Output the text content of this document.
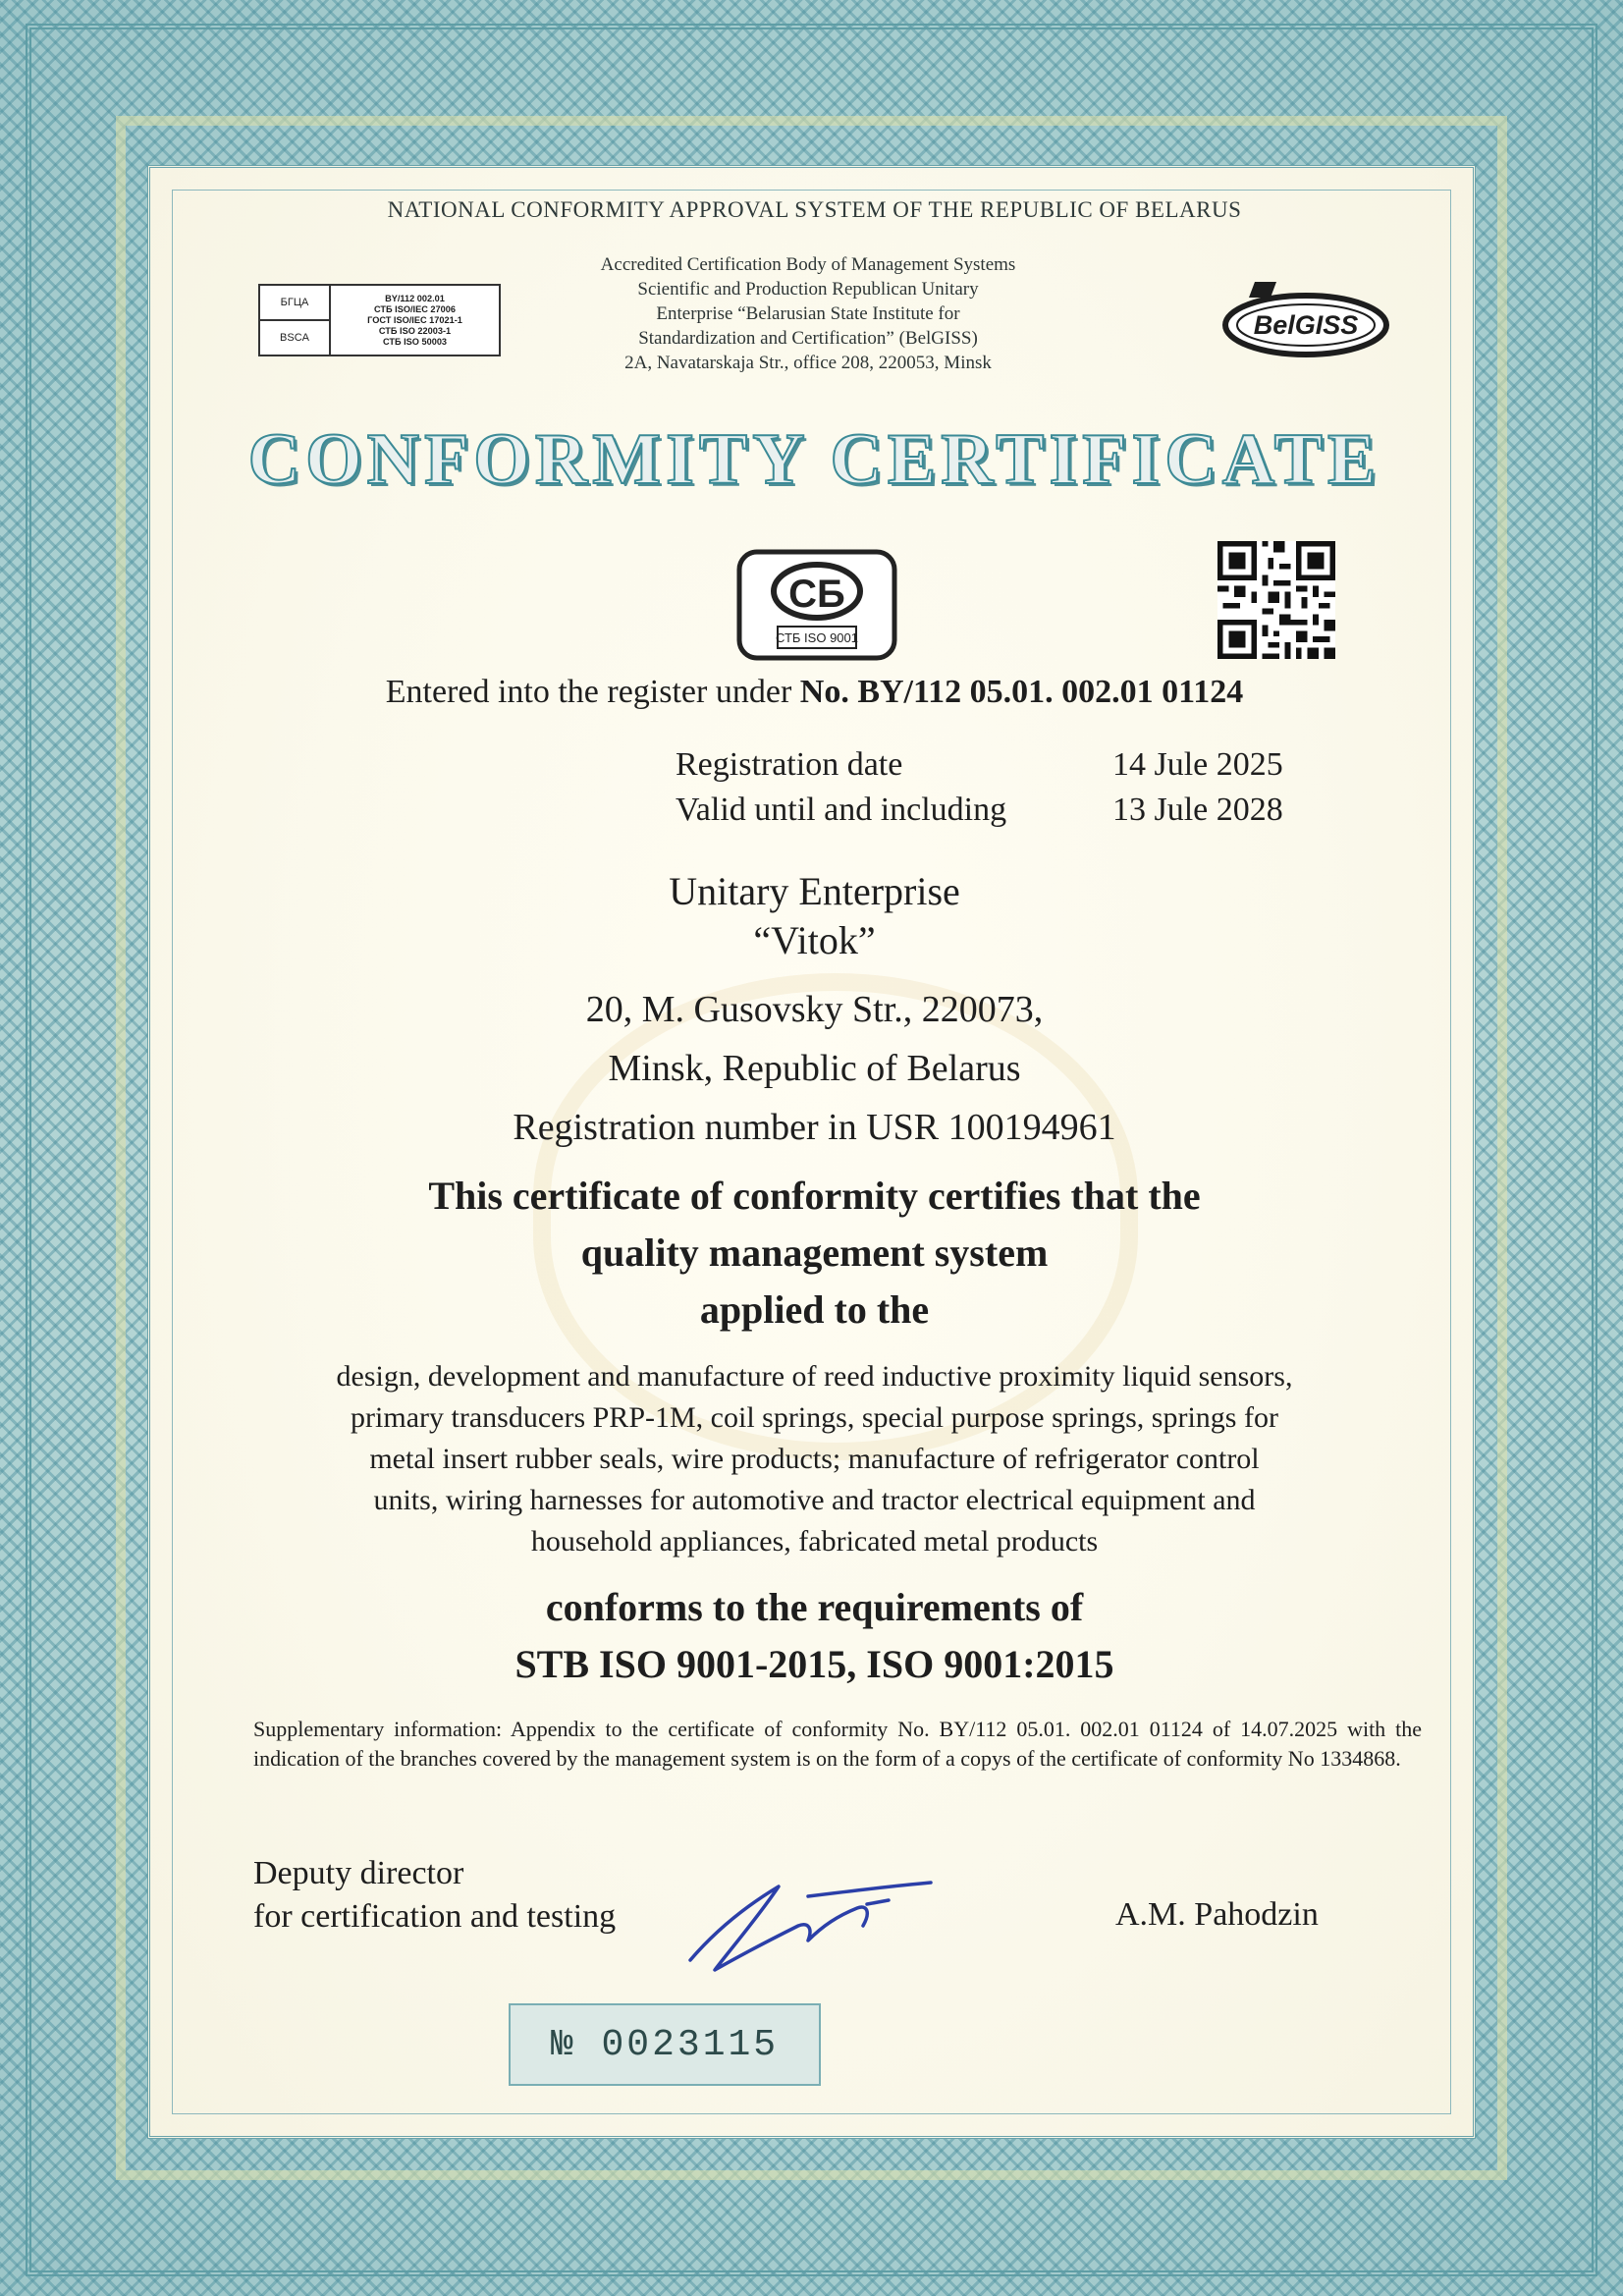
NATIONAL CONFORMITY APPROVAL SYSTEM OF THE REPUBLIC OF BELARUS
БГЦА
BSCA
BY/112 002.01
СТБ ISO/IEC 27006
ГОСТ ISO/IEC 17021-1
СТБ ISO 22003-1
СТБ ISO 50003
Accredited Certification Body of Management Systems
Scientific and Production Republican Unitary
Enterprise “Belarusian State Institute for
Standardization and Certification” (BelGISS)
2A, Navatarskaja Str., office 208, 220053, Minsk
BelGISS
CONFORMITY CERTIFICATE
СБ
СТБ ISO 9001
Entered into the register under No. BY/112 05.01. 002.01 01124
Registration date	14 Jule 2025
Valid until and including	13 Jule 2028
Unitary Enterprise
“Vitok”
20, M. Gusovsky Str., 220073,
Minsk, Republic of Belarus
Registration number in USR 100194961
This certificate of conformity certifies that the
quality management system
applied to the
design, development and manufacture of reed inductive proximity liquid sensors,
primary transducers PRP-1M, coil springs, special purpose springs, springs for
metal insert rubber seals, wire products; manufacture of refrigerator control
units, wiring harnesses for automotive and tractor electrical equipment and
household appliances, fabricated metal products
conforms to the requirements of
STB ISO 9001-2015, ISO 9001:2015
Supplementary information: Appendix to the certificate of conformity No. BY/112 05.01. 002.01 01124 of 14.07.2025 with the indication of the branches covered by the management system is on the form of a copys of the certificate of conformity No 1334868.
Deputy director
for certification and testing	A.M. Pahodzin
№ 0023115
